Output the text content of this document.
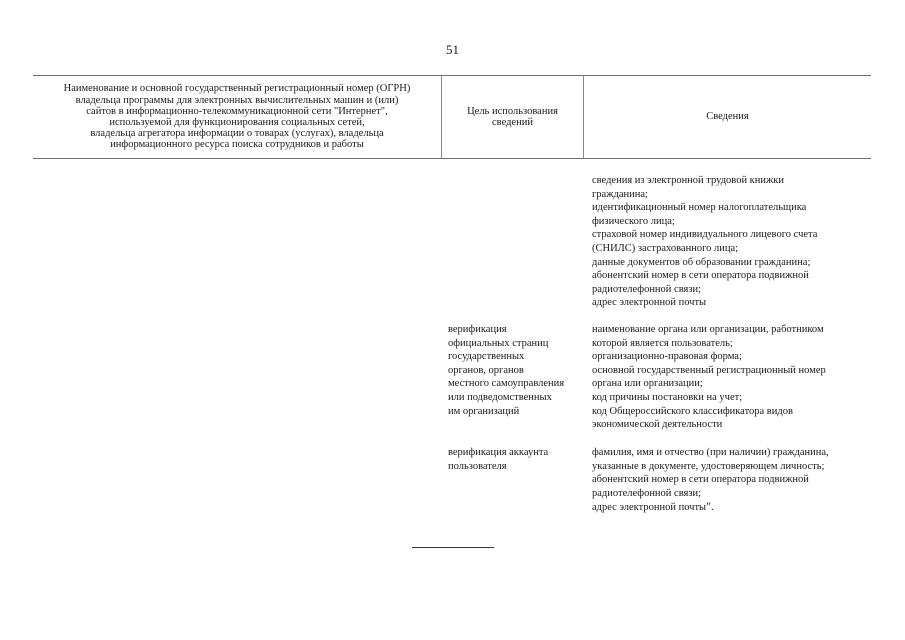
51
Наименование и основной государственный регистрационный номер (ОГРН)
владельца программы для электронных вычислительных машин и (или)
сайтов в информационно-телекоммуникационной сети "Интернет",
используемой для функционирования социальных сетей,
владельца агрегатора информации о товарах (услугах), владельца
информационного ресурса поиска сотрудников и работы
Цель использования
сведений
Сведения
сведения из электронной трудовой книжки
гражданина;
идентификационный номер налогоплательщика
физического лица;
страховой номер индивидуального лицевого счета
(СНИЛС) застрахованного лица;
данные документов об образовании гражданина;
абонентский номер в сети оператора подвижной
радиотелефонной связи;
адрес электронной почты
верификация
официальных страниц
государственных
органов, органов
местного самоуправления
или подведомственных
им организаций
наименование органа или организации, работником
которой является пользователь;
организационно-правовая форма;
основной государственный регистрационный номер
органа или организации;
код причины постановки на учет;
код Общероссийского классификатора видов
экономической деятельности
верификация аккаунта
пользователя
фамилия, имя и отчество (при наличии) гражданина,
указанные в документе, удостоверяющем личность;
абонентский номер в сети оператора подвижной
радиотелефонной связи;
адрес электронной почты".
